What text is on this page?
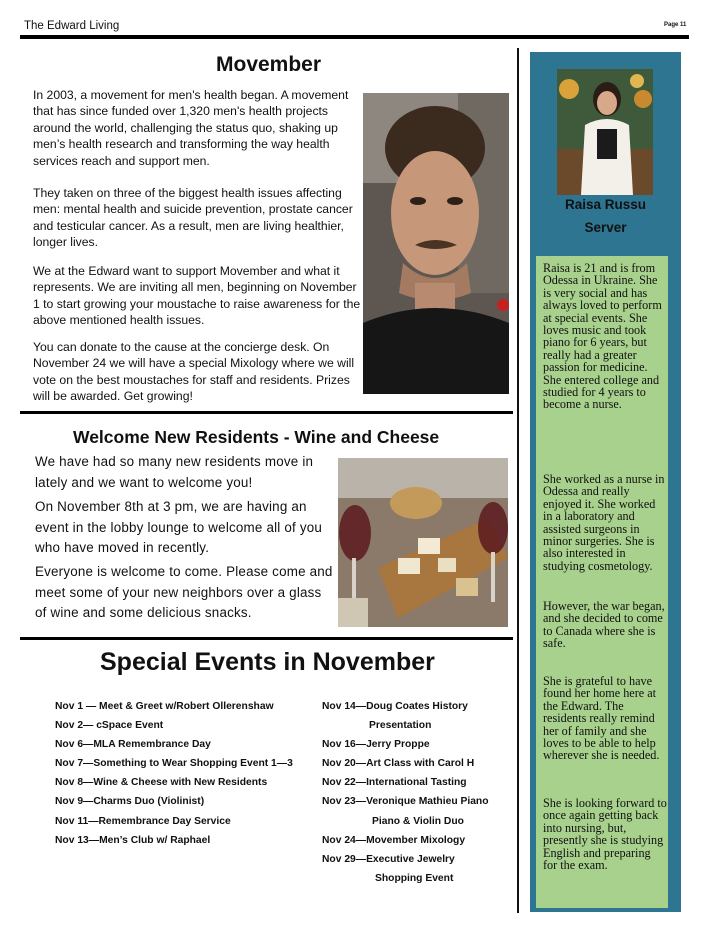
The Edward Living	Page 11
Movember
In 2003, a movement for men's health began. A movement that has since funded over 1,320 men's health projects around the world, challenging the status quo, shaking up men’s health research and transforming the way health services reach and support men.
They taken on three of the biggest health issues affecting men: mental health and suicide prevention, prostate cancer and testicular cancer. As a result, men are living healthier, longer lives.
We at the Edward want to support Movember and what it represents. We are inviting all men, beginning on November 1 to start growing your moustache to raise awareness for the above mentioned health issues.
You can donate to the cause at the concierge desk. On November 24 we will have a special Mixology where we will vote on the best moustaches for staff and residents. Prizes will be awarded. Get growing!
Welcome New Residents - Wine and Cheese
We have had so many new residents move in lately and we want to welcome you!
On November 8th at 3 pm, we are having an event in the lobby lounge to welcome all of you who have moved in recently.
Everyone is welcome to come. Please come and meet some of your new neighbors over a glass of wine and some delicious snacks.
Special Events in November
Nov 1 — Meet & Greet w/Robert Ollerenshaw
Nov 2— cSpace Event
Nov 6—MLA Remembrance Day
Nov 7—Something to Wear Shopping Event 1—3
Nov 8—Wine & Cheese with New Residents
Nov 9—Charms Duo (Violinist)
Nov 11—Remembrance Day Service
Nov 13—Men’s Club w/ Raphael
Nov 14—Doug Coates History
Presentation
Nov 16—Jerry Proppe
Nov 20—Art Class with Carol H
Nov 22—International Tasting
Nov 23—Veronique Mathieu Piano
Piano & Violin Duo
Nov 24—Movember Mixology
Nov 29—Executive Jewelry
Shopping Event
Raisa Russu
Server
Raisa is 21 and is from Odessa in Ukraine. She is very social and has always loved to perform at special events. She loves music and took piano for 6 years, but really had a greater passion for medicine. She entered college and studied for 4 years to become a nurse.
She worked as a nurse in Odessa and really enjoyed it. She worked in a laboratory and assisted surgeons in minor surgeries. She is also interested in studying cosmetology.
However, the war began, and she decided to come to Canada where she is safe.
She is grateful to have found her home here at the Edward. The residents really remind her of family and she loves to be able to help wherever she is needed.
She is looking forward to once again getting back into nursing, but, presently she is studying English and preparing for the exam.
